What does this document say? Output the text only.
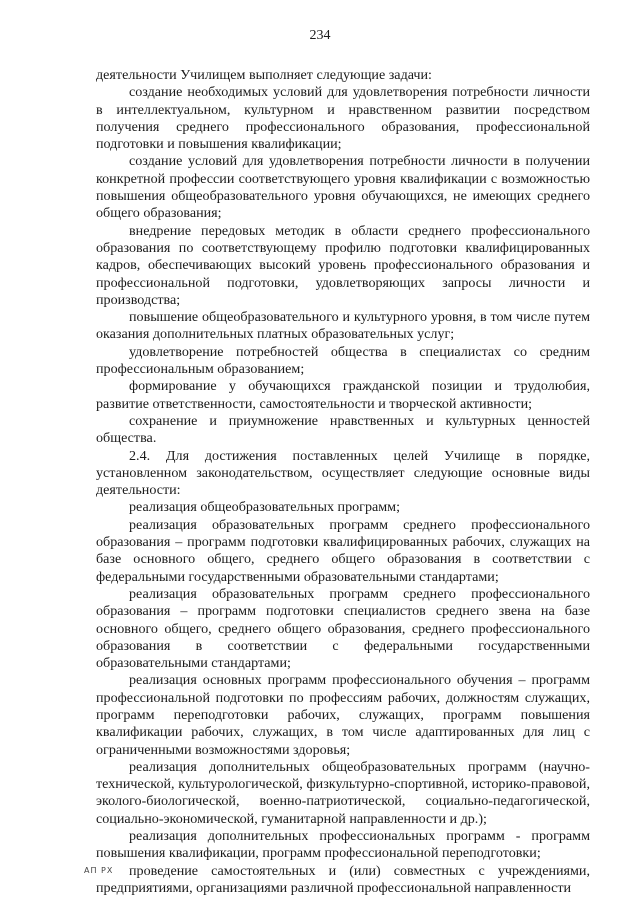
234

деятельности Училищем выполняет следующие задачи:

создание необходимых условий для удовлетворения потребности личности в интеллектуальном, культурном и нравственном развитии посредством получения среднего профессионального образования, профессиональной подготовки и повышения квалификации;

создание условий для удовлетворения потребности личности в получении конкретной профессии соответствующего уровня квалификации с возможностью повышения общеобразовательного уровня обучающихся, не имеющих среднего общего образования;

внедрение передовых методик в области среднего профессионального образования по соответствующему профилю подготовки квалифицированных кадров, обеспечивающих высокий уровень профессионального образования и профессиональной подготовки, удовлетворяющих запросы личности и производства;

повышение общеобразовательного и культурного уровня, в том числе путем оказания дополнительных платных образовательных услуг;

удовлетворение потребностей общества в специалистах со средним профессиональным образованием;

формирование у обучающихся гражданской позиции и трудолюбия, развитие ответственности, самостоятельности и творческой активности;

сохранение и приумножение нравственных и культурных ценностей общества.

2.4. Для достижения поставленных целей Училище в порядке, установленном законодательством, осуществляет следующие основные виды деятельности:

реализация общеобразовательных программ;

реализация образовательных программ среднего профессионального образования – программ подготовки квалифицированных рабочих, служащих на базе основного общего, среднего общего образования в соответствии с федеральными государственными образовательными стандартами;

реализация образовательных программ среднего профессионального образования – программ подготовки специалистов среднего звена на базе основного общего, среднего общего образования, среднего профессионального образования в соответствии с федеральными государственными образовательными стандартами;

реализация основных программ профессионального обучения – программ профессиональной подготовки по профессиям рабочих, должностям служащих, программ переподготовки рабочих, служащих, программ повышения квалификации рабочих, служащих, в том числе адаптированных для лиц с ограниченными возможностями здоровья;

реализация дополнительных общеобразовательных программ (научно-технической, культурологической, физкультурно-спортивной, историко-правовой, эколого-биологической, военно-патриотической, социально-педагогической, социально-экономической, гуманитарной направленности и др.);

реализация дополнительных профессиональных программ - программ повышения квалификации, программ профессиональной переподготовки;

проведение самостоятельных и (или) совместных с учреждениями, предприятиями, организациями различной профессиональной направленности

АП РХ
